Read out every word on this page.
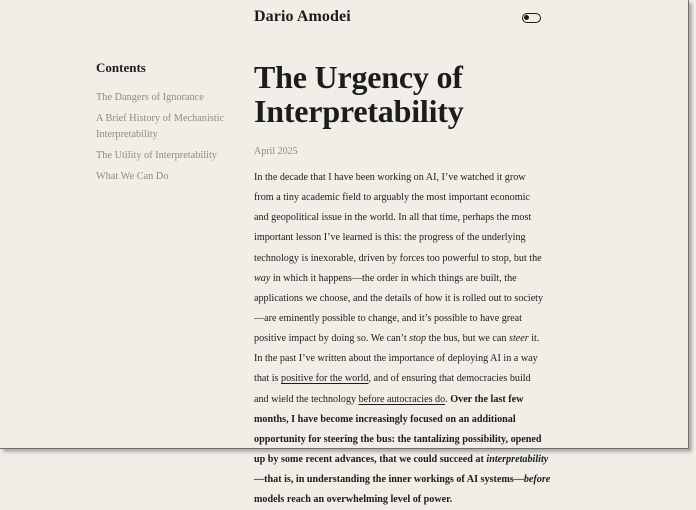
Dario Amodei
Contents
The Dangers of Ignorance
A Brief History of Mechanistic Interpretability
The Utility of Interpretability
What We Can Do
The Urgency of
Interpretability
April 2025
In the decade that I have been working on AI, I’ve watched it grow
from a tiny academic field to arguably the most important economic
and geopolitical issue in the world. In all that time, perhaps the most
important lesson I’ve learned is this: the progress of the underlying
technology is inexorable, driven by forces too powerful to stop, but the
way in which it happens—the order in which things are built, the
applications we choose, and the details of how it is rolled out to society
—are eminently possible to change, and it’s possible to have great
positive impact by doing so. We can’t stop the bus, but we can steer it.
In the past I’ve written about the importance of deploying AI in a way
that is positive for the world, and of ensuring that democracies build
and wield the technology before autocracies do. Over the last few
months, I have become increasingly focused on an additional
opportunity for steering the bus: the tantalizing possibility, opened
up by some recent advances, that we could succeed at interpretability
—that is, in understanding the inner workings of AI systems—before
models reach an overwhelming level of power.
